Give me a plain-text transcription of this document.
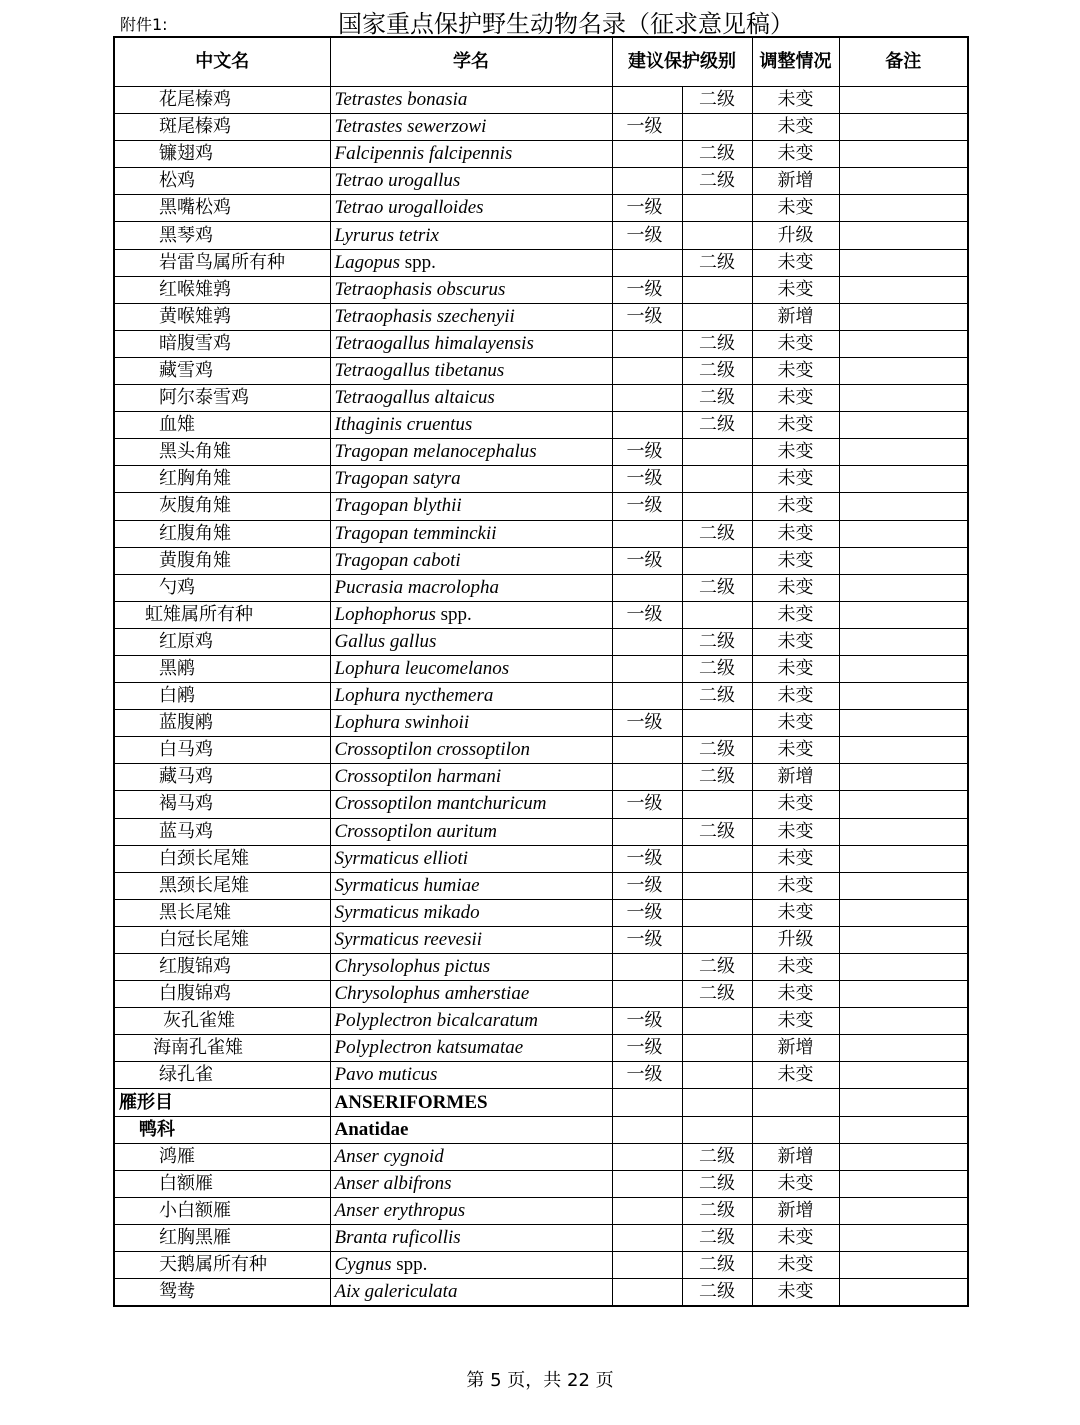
附件1:	国家重点保护野生动物名录（征求意见稿）
中文名	学名	建议保护级别		调整情况	备注
花尾榛鸡	Tetrastes bonasia		二级	未变	
斑尾榛鸡	Tetrastes sewerzowi	一级		未变	
镰翅鸡	Falcipennis falcipennis		二级	未变	
松鸡	Tetrao urogallus		二级	新增	
黑嘴松鸡	Tetrao urogalloides	一级		未变	
黑琴鸡	Lyrurus tetrix	一级		升级	
岩雷鸟属所有种	Lagopus spp.		二级	未变	
红喉雉鹑	Tetraophasis obscurus	一级		未变	
黄喉雉鹑	Tetraophasis szechenyii	一级		新增	
暗腹雪鸡	Tetraogallus himalayensis		二级	未变	
藏雪鸡	Tetraogallus tibetanus		二级	未变	
阿尔泰雪鸡	Tetraogallus altaicus		二级	未变	
血雉	Ithaginis cruentus		二级	未变	
黑头角雉	Tragopan melanocephalus	一级		未变	
红胸角雉	Tragopan satyra	一级		未变	
灰腹角雉	Tragopan blythii	一级		未变	
红腹角雉	Tragopan temminckii		二级	未变	
黄腹角雉	Tragopan caboti	一级		未变	
勺鸡	Pucrasia macrolopha		二级	未变	
虹雉属所有种	Lophophorus spp.	一级		未变	
红原鸡	Gallus gallus		二级	未变	
黑鹇	Lophura leucomelanos		二级	未变	
白鹇	Lophura nycthemera		二级	未变	
蓝腹鹇	Lophura swinhoii	一级		未变	
白马鸡	Crossoptilon crossoptilon		二级	未变	
藏马鸡	Crossoptilon harmani		二级	新增	
褐马鸡	Crossoptilon mantchuricum	一级		未变	
蓝马鸡	Crossoptilon auritum		二级	未变	
白颈长尾雉	Syrmaticus ellioti	一级		未变	
黑颈长尾雉	Syrmaticus humiae	一级		未变	
黑长尾雉	Syrmaticus mikado	一级		未变	
白冠长尾雉	Syrmaticus reevesii	一级		升级	
红腹锦鸡	Chrysolophus pictus		二级	未变	
白腹锦鸡	Chrysolophus amherstiae		二级	未变	
灰孔雀雉	Polyplectron bicalcaratum	一级		未变	
海南孔雀雉	Polyplectron katsumatae	一级		新增	
绿孔雀	Pavo muticus	一级		未变	
雁形目	ANSERIFORMES				
鸭科	Anatidae				
鸿雁	Anser cygnoid		二级	新增	
白额雁	Anser albifrons		二级	未变	
小白额雁	Anser erythropus		二级	新增	
红胸黑雁	Branta ruficollis		二级	未变	
天鹅属所有种	Cygnus spp.		二级	未变	
鸳鸯	Aix galericulata		二级	未变	
第 5 页，共 22 页
